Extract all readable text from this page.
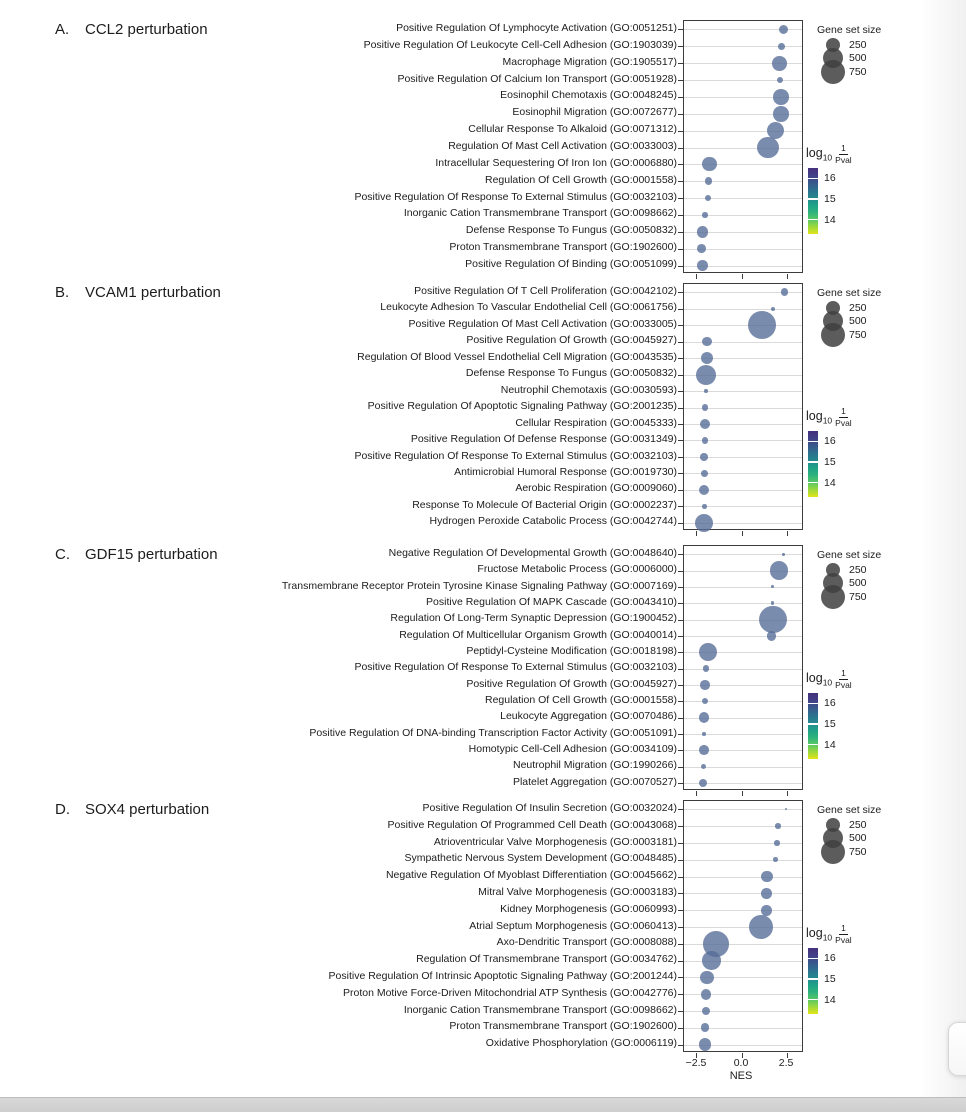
A.	CCL2 perturbation	Positive Regulation Of Lymphocyte Activation (GO:0051251)
Positive Regulation Of Leukocyte Cell-Cell Adhesion (GO:1903039)
Macrophage Migration (GO:1905517)
Positive Regulation Of Calcium Ion Transport (GO:0051928)
Eosinophil Chemotaxis (GO:0048245)
Eosinophil Migration (GO:0072677)
Cellular Response To Alkaloid (GO:0071312)
Regulation Of Mast Cell Activation (GO:0033003)
Intracellular Sequestering Of Iron Ion (GO:0006880)
Regulation Of Cell Growth (GO:0001558)
Positive Regulation Of Response To External Stimulus (GO:0032103)
Inorganic Cation Transmembrane Transport (GO:0098662)
Defense Response To Fungus (GO:0050832)
Proton Transmembrane Transport (GO:1902600)
Positive Regulation Of Binding (GO:0051099)
Gene set size
250
500
750
$\log_{10} \frac{1}{\text{Pval}}$
16
15
14
B.	VCAM1 perturbation	Positive Regulation Of T Cell Proliferation (GO:0042102)
Leukocyte Adhesion To Vascular Endothelial Cell (GO:0061756)
Positive Regulation Of Mast Cell Activation (GO:0033005)
Positive Regulation Of Growth (GO:0045927)
Regulation Of Blood Vessel Endothelial Cell Migration (GO:0043535)
Defense Response To Fungus (GO:0050832)
Neutrophil Chemotaxis (GO:0030593)
Positive Regulation Of Apoptotic Signaling Pathway (GO:2001235)
Cellular Respiration (GO:0045333)
Positive Regulation Of Defense Response (GO:0031349)
Positive Regulation Of Response To External Stimulus (GO:0032103)
Antimicrobial Humoral Response (GO:0019730)
Aerobic Respiration (GO:0009060)
Response To Molecule Of Bacterial Origin (GO:0002237)
Hydrogen Peroxide Catabolic Process (GO:0042744)
Gene set size
250
500
750
$\log_{10} \frac{1}{\text{Pval}}$
16
15
14
C.	GDF15 perturbation	Negative Regulation Of Developmental Growth (GO:0048640)
Fructose Metabolic Process (GO:0006000)
Transmembrane Receptor Protein Tyrosine Kinase Signaling Pathway (GO:0007169)
Positive Regulation Of MAPK Cascade (GO:0043410)
Regulation Of Long-Term Synaptic Depression (GO:1900452)
Regulation Of Multicellular Organism Growth (GO:0040014)
Peptidyl-Cysteine Modification (GO:0018198)
Positive Regulation Of Response To External Stimulus (GO:0032103)
Positive Regulation Of Growth (GO:0045927)
Regulation Of Cell Growth (GO:0001558)
Leukocyte Aggregation (GO:0070486)
Positive Regulation Of DNA-binding Transcription Factor Activity (GO:0051091)
Homotypic Cell-Cell Adhesion (GO:0034109)
Neutrophil Migration (GO:1990266)
Platelet Aggregation (GO:0070527)
Gene set size
250
500
750
$\log_{10} \frac{1}{\text{Pval}}$
16
15
14
D.	SOX4 perturbation	Positive Regulation Of Insulin Secretion (GO:0032024)
Positive Regulation Of Programmed Cell Death (GO:0043068)
Atrioventricular Valve Morphogenesis (GO:0003181)
Sympathetic Nervous System Development (GO:0048485)
Negative Regulation Of Myoblast Differentiation (GO:0045662)
Mitral Valve Morphogenesis (GO:0003183)
Kidney Morphogenesis (GO:0060993)
Atrial Septum Morphogenesis (GO:0060413)
Axo-Dendritic Transport (GO:0008088)
Regulation Of Transmembrane Transport (GO:0034762)
Positive Regulation Of Intrinsic Apoptotic Signaling Pathway (GO:2001244)
Proton Motive Force-Driven Mitochondrial ATP Synthesis (GO:0042776)
Inorganic Cation Transmembrane Transport (GO:0098662)
Proton Transmembrane Transport (GO:1902600)
Oxidative Phosphorylation (GO:0006119)
Gene set size
250
500
750
$\log_{10} \frac{1}{\text{Pval}}$
16
15
14
−2.5	0.0	2.5
NES
